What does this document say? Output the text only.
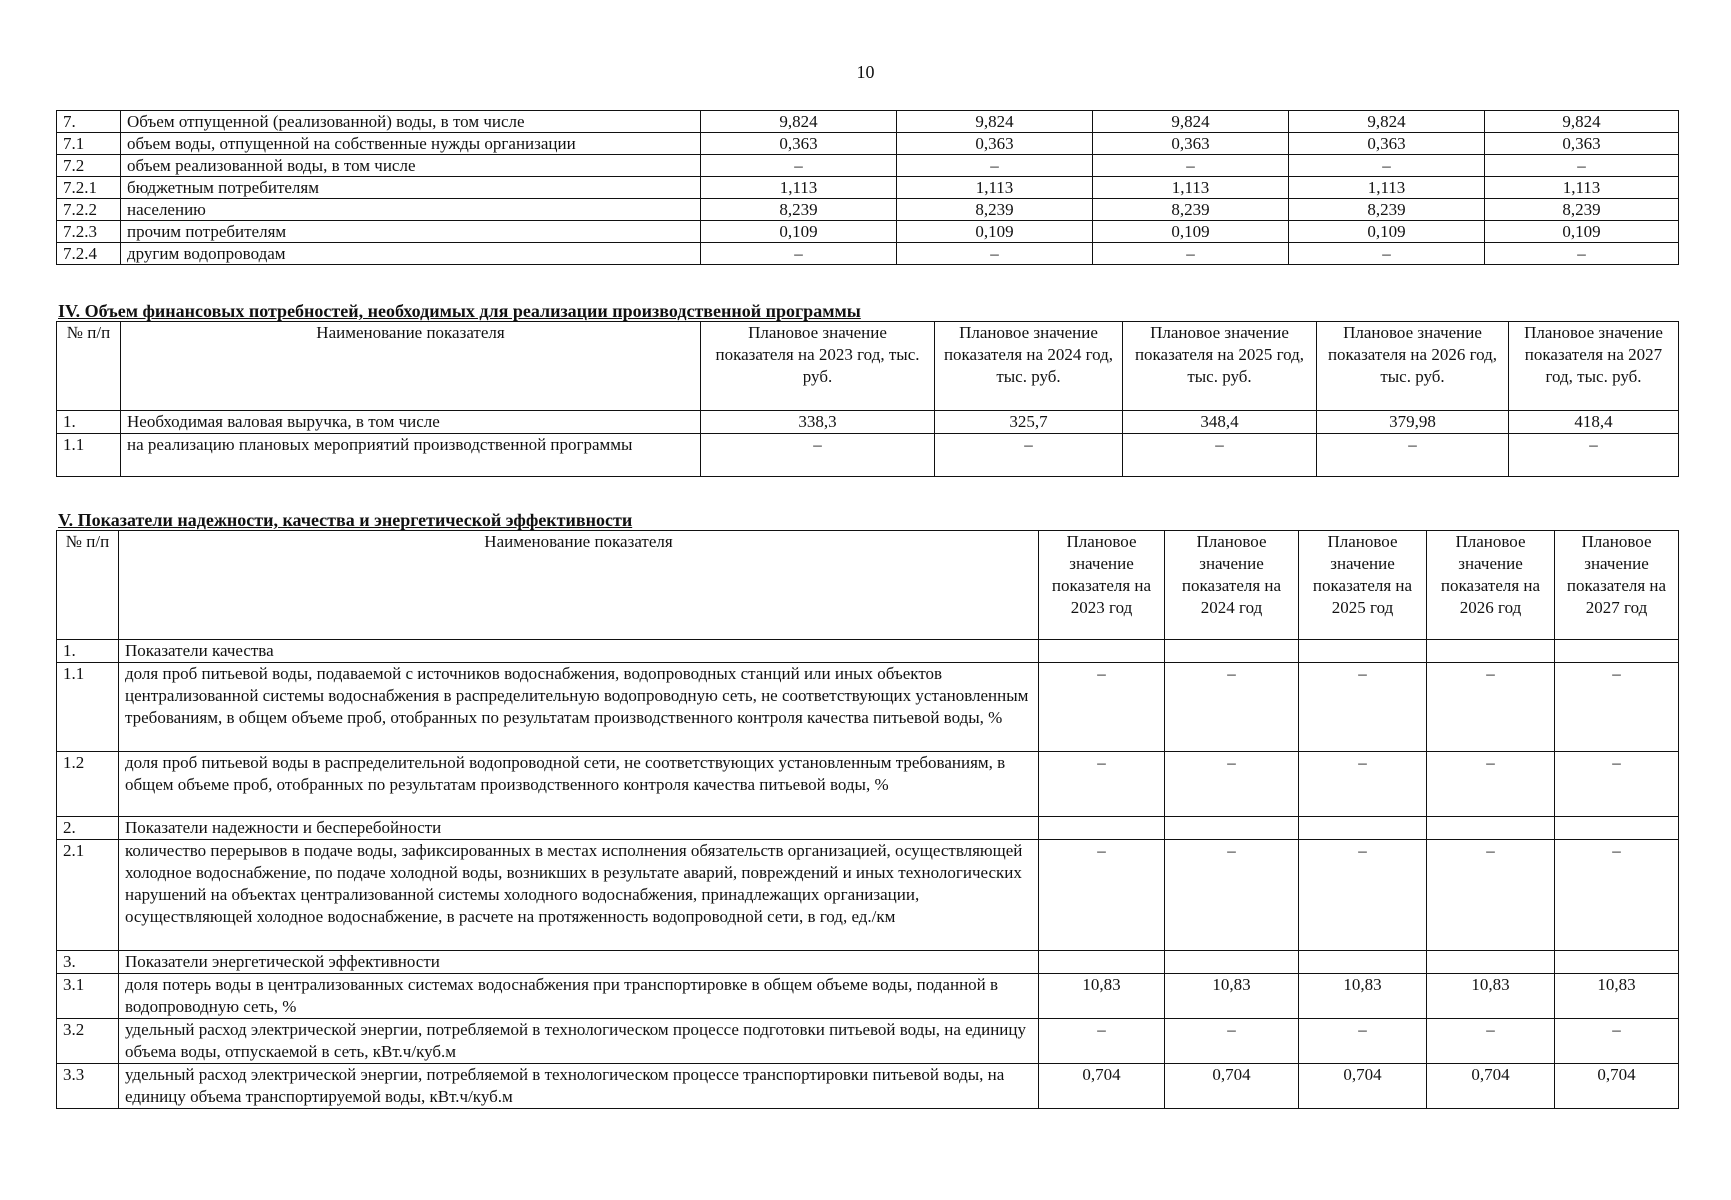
10
7.	Объем отпущенной (реализованной) воды, в том числе	9,824	9,824	9,824	9,824	9,824
7.1	объем воды, отпущенной на собственные нужды организации	0,363	0,363	0,363	0,363	0,363
7.2	объем реализованной воды, в том числе	–	–	–	–	–
7.2.1	бюджетным потребителям	1,113	1,113	1,113	1,113	1,113
7.2.2	населению	8,239	8,239	8,239	8,239	8,239
7.2.3	прочим потребителям	0,109	0,109	0,109	0,109	0,109
7.2.4	другим водопроводам	–	–	–	–	–
IV. Объем финансовых потребностей, необходимых для реализации производственной программы
№ п/п	Наименование показателя	Плановое значение показателя на 2023 год, тыс. руб.	Плановое значение показателя на 2024 год, тыс. руб.	Плановое значение показателя на 2025 год, тыс. руб.	Плановое значение показателя на 2026 год, тыс. руб.	Плановое значение показателя на 2027 год, тыс. руб.
1.	Необходимая валовая выручка, в том числе	338,3	325,7	348,4	379,98	418,4
1.1	на реализацию плановых мероприятий производственной программы	–	–	–	–	–
V. Показатели надежности, качества и энергетической эффективности
№ п/п	Наименование показателя	Плановое значение показателя на 2023 год	Плановое значение показателя на 2024 год	Плановое значение показателя на 2025 год	Плановое значение показателя на 2026 год	Плановое значение показателя на 2027 год
1.	Показатели качества					
1.1	доля проб питьевой воды, подаваемой с источников водоснабжения, водопроводных станций или иных объектов централизованной системы водоснабжения в распределительную водопроводную сеть, не соответствующих установленным требованиям, в общем объеме проб, отобранных по результатам производственного контроля качества питьевой воды, %	–	–	–	–	–
1.2	доля проб питьевой воды в распределительной водопроводной сети, не соответствующих установленным требованиям, в общем объеме проб, отобранных по результатам производственного контроля качества питьевой воды, %	–	–	–	–	–
2.	Показатели надежности и бесперебойности					
2.1	количество перерывов в подаче воды, зафиксированных в местах исполнения обязательств организацией, осуществляющей холодное водоснабжение, по подаче холодной воды, возникших в результате аварий, повреждений и иных технологических нарушений на объектах централизованной системы холодного водоснабжения, принадлежащих организации, осуществляющей холодное водоснабжение, в расчете на протяженность водопроводной сети, в год, ед./км	–	–	–	–	–
3.	Показатели энергетической эффективности					
3.1	доля потерь воды в централизованных системах водоснабжения при транспортировке в общем объеме воды, поданной в водопроводную сеть, %	10,83	10,83	10,83	10,83	10,83
3.2	удельный расход электрической энергии, потребляемой в технологическом процессе подготовки питьевой воды, на единицу объема воды, отпускаемой в сеть, кВт.ч/куб.м	–	–	–	–	–
3.3	удельный расход электрической энергии, потребляемой в технологическом процессе транспортировки питьевой воды, на единицу объема транспортируемой воды, кВт.ч/куб.м	0,704	0,704	0,704	0,704	0,704
